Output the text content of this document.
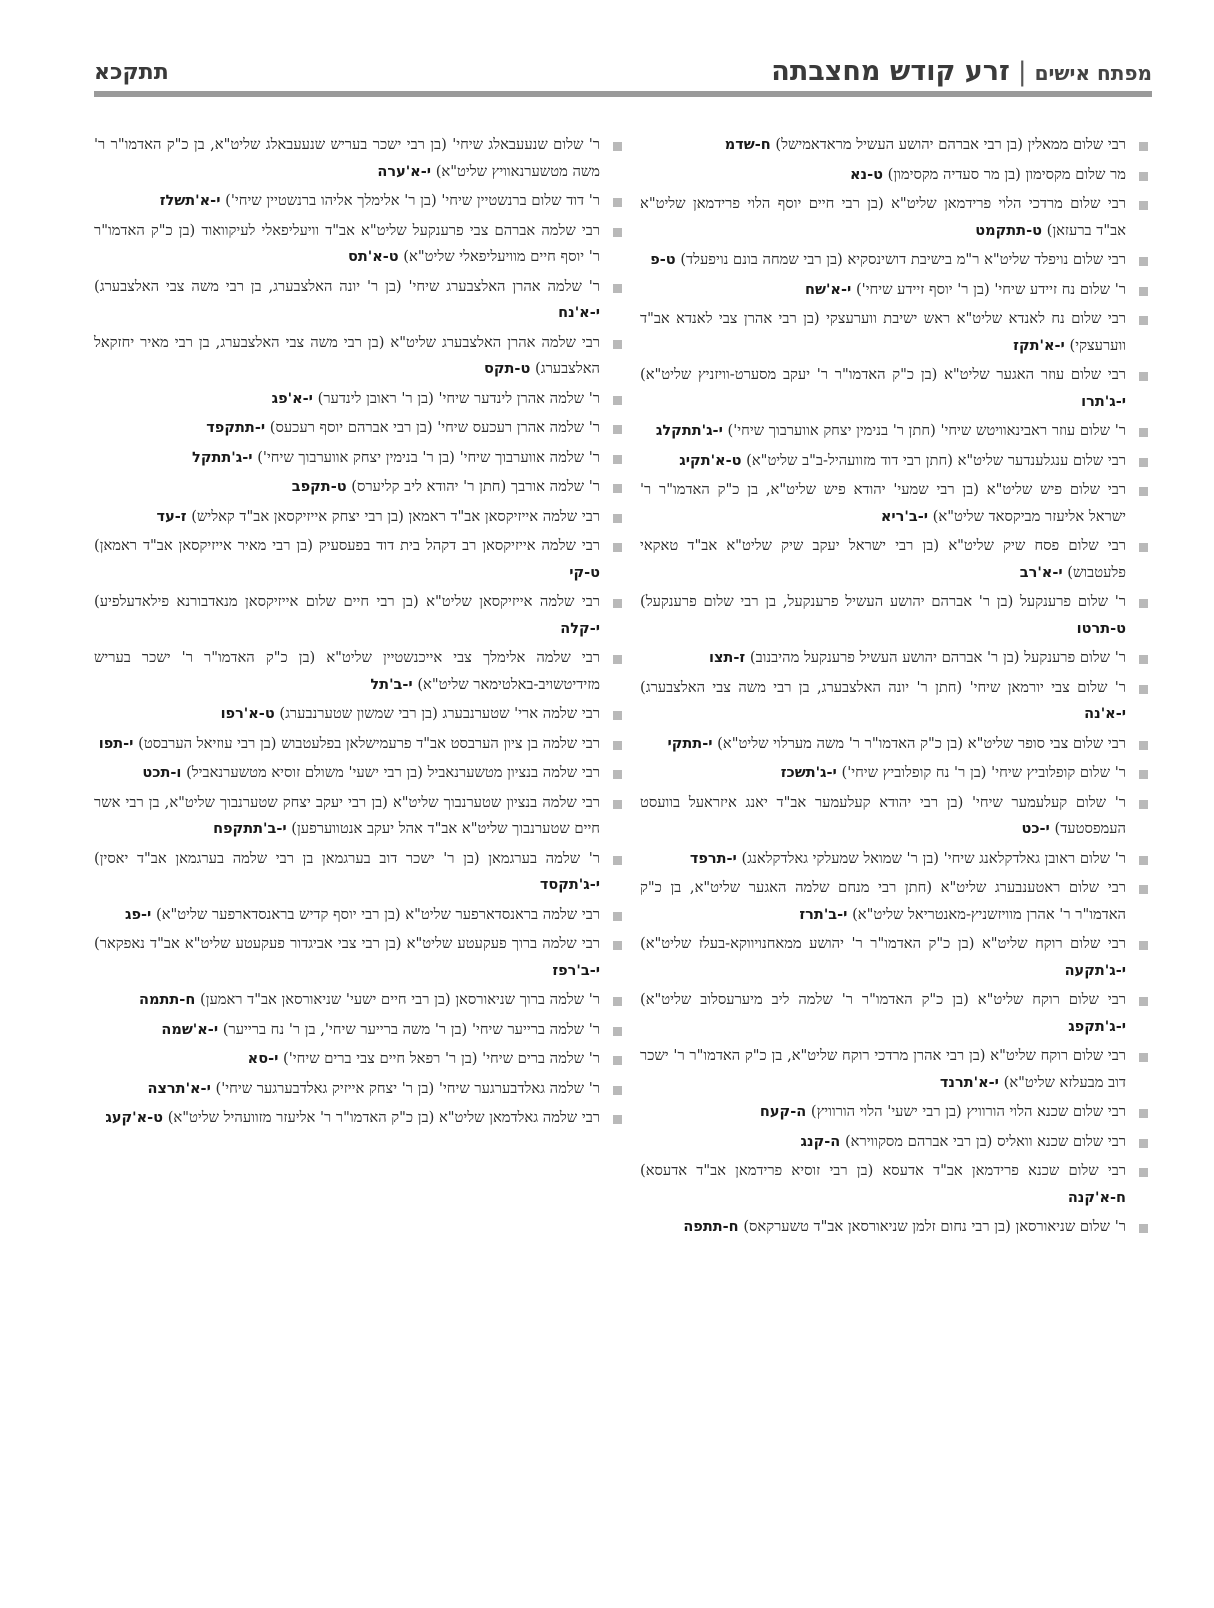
מפתח אישים
|
זרע קודש מחצבתה
תתקכא

רבי שלום ממאלין (בן רבי אברהם יהושע העשיל מראדאמישל) ח-שדמ

מר שלום מקסימון (בן מר סעדיה מקסימון) ט-נא

רבי שלום מרדכי הלוי פרידמאן שליט"א (בן רבי חיים יוסף הלוי פרידמאן שליט"א אב"ד ברעזאן) ט-תתקמט

רבי שלום נויפלד שליט"א ר"מ בישיבת דושינסקיא (בן רבי שמחה בונם נויפעלד) ט-פ

ר' שלום נח זיידע שיחי' (בן ר' יוסף זיידע שיחי') י-א'שח

רבי שלום נח לאנדא שליט"א ראש ישיבת ווערעצקי (בן רבי אהרן צבי לאנדא אב"ד ווערעצקי) י-א'תקז

רבי שלום עוזר האגער שליט"א (בן כ"ק האדמו"ר ר' יעקב מסערט-וויזניץ שליט"א) י-ג'תרו

ר' שלום עוזר ראבינאוויטש שיחי' (חתן ר' בנימין יצחק אווערבוך שיחי') י-ג'תתקלג

רבי שלום ענגלענדער שליט"א (חתן רבי דוד מזוועהיל-ב"ב שליט"א) ט-א'תקיג

רבי שלום פיש שליט"א (בן רבי שמעי' יהודא פיש שליט"א, בן כ"ק האדמו"ר ר' ישראל אליעזר מביקסאד שליט"א) י-ב'ריא

רבי שלום פסח שיק שליט"א (בן רבי ישראל יעקב שיק שליט"א אב"ד טאקאי פלעטבוש) י-א'רב

ר' שלום פרענקעל (בן ר' אברהם יהושע העשיל פרענקעל, בן רבי שלום פרענקעל) ט-תרטו

ר' שלום פרענקעל (בן ר' אברהם יהושע העשיל פרענקעל מהיבנוב) ז-תצו

ר' שלום צבי יורמאן שיחי' (חתן ר' יונה האלצבערג, בן רבי משה צבי האלצבערג) י-א'נה

רבי שלום צבי סופר שליט"א (בן כ"ק האדמו"ר ר' משה מערלוי שליט"א) י-תתקי

ר' שלום קופלוביץ שיחי' (בן ר' נח קופלוביץ שיחי') י-ג'תשכז

ר' שלום קעלעמער שיחי' (בן רבי יהודא קעלעמער אב"ד יאנג איזראעל בוועסט העמפסטעד) י-כט

ר' שלום ראובן גאלדקלאנג שיחי' (בן ר' שמואל שמעלקי גאלדקלאנג) י-תרפד

רבי שלום ראטענבערג שליט"א (חתן רבי מנחם שלמה האגער שליט"א, בן כ"ק האדמו"ר ר' אהרן מוויזשניץ-מאנטריאל שליט"א) י-ב'תרז

רבי שלום רוקח שליט"א (בן כ"ק האדמו"ר ר' יהושע ממאחנויווקא-בעלז שליט"א) י-ג'תקעה

רבי שלום רוקח שליט"א (בן כ"ק האדמו"ר ר' שלמה ליב מיערעסלוב שליט"א) י-ג'תקפג

רבי שלום רוקח שליט"א (בן רבי אהרן מרדכי רוקח שליט"א, בן כ"ק האדמו"ר ר' ישכר דוב מבעלזא שליט"א) י-א'תרנד

רבי שלום שכנא הלוי הורוויץ (בן רבי ישעי' הלוי הורוויץ) ה-קעח

רבי שלום שכנא וואליס (בן רבי אברהם מסקווירא) ה-קנג

רבי שלום שכנא פרידמאן אב"ד אדעסא (בן רבי זוסיא פרידמאן אב"ד אדעסא) ח-א'קנה

ר' שלום שניאורסאן (בן רבי נחום זלמן שניאורסאן אב"ד טשערקאס) ח-תתפה

ר' שלום שנעעבאלג שיחי' (בן רבי ישכר בעריש שנעעבאלג שליט"א, בן כ"ק האדמו"ר ר' משה מטשערנאוויץ שליט"א) י-א'ערה

ר' דוד שלום ברנשטיין שיחי' (בן ר' אלימלך אליהו ברנשטיין שיחי') י-א'תשלז

רבי שלמה אברהם צבי פרענקעל שליט"א אב"ד וויעליפאלי לעיקוואוד (בן כ"ק האדמו"ר ר' יוסף חיים מוויעליפאלי שליט"א) ט-א'תס

ר' שלמה אהרן האלצבערג שיחי' (בן ר' יונה האלצבערג, בן רבי משה צבי האלצבערג) י-א'נח

רבי שלמה אהרן האלצבערג שליט"א (בן רבי משה צבי האלצבערג, בן רבי מאיר יחזקאל האלצבערג) ט-תקס

ר' שלמה אהרן לינדער שיחי' (בן ר' ראובן לינדער) י-א'פג

ר' שלמה אהרן רעכעס שיחי' (בן רבי אברהם יוסף רעכעס) י-תתקפד

ר' שלמה אווערבוך שיחי' (בן ר' בנימין יצחק אווערבוך שיחי') י-ג'תתקל

ר' שלמה אורבך (חתן ר' יהודא ליב קליערס) ט-תקפב

רבי שלמה אייזיקסאן אב"ד ראמאן (בן רבי יצחק אייזיקסאן אב"ד קאליש) ז-עד

רבי שלמה אייזיקסאן רב דקהל בית דוד בפעסעיק (בן רבי מאיר אייזיקסאן אב"ד ראמאן) ט-קי

רבי שלמה אייזיקסאן שליט"א (בן רבי חיים שלום אייזיקסאן מנאדבורנא פילאדעלפיע) י-קלה

רבי שלמה אלימלך צבי אייכנשטיין שליט"א (בן כ"ק האדמו"ר ר' ישכר בעריש מזידיטשויב-באלטימאר שליט"א) י-ב'תל

רבי שלמה ארי' שטערנבערג (בן רבי שמשון שטערנבערג) ט-א'רפו

רבי שלמה בן ציון הערבסט אב"ד פרעמישלאן בפלעטבוש (בן רבי עוזיאל הערבסט) י-תפו

רבי שלמה בנציון מטשערנאביל (בן רבי ישעי' משולם זוסיא מטשערנאביל) ו-תכט

רבי שלמה בנציון שטערנבוך שליט"א (בן רבי יעקב יצחק שטערנבוך שליט"א, בן רבי אשר חיים שטערנבוך שליט"א אב"ד אהל יעקב אנטווערפען) י-ב'תתקפח

ר' שלמה בערגמאן (בן ר' ישכר דוב בערגמאן בן רבי שלמה בערגמאן אב"ד יאסין) י-ג'תקסד

רבי שלמה בראנסדארפער שליט"א (בן רבי יוסף קדיש בראנסדארפער שליט"א) י-פג

רבי שלמה ברוך פעקעטע שליט"א (בן רבי צבי אביגדור פעקעטע שליט"א אב"ד נאפקאר) י-ב'רפז

ר' שלמה ברוך שניאורסאן (בן רבי חיים ישעי' שניאורסאן אב"ד ראמען) ח-תתמה

ר' שלמה ברייער שיחי' (בן ר' משה ברייער שיחי', בן ר' נח ברייער) י-א'שמה

ר' שלמה ברים שיחי' (בן ר' רפאל חיים צבי ברים שיחי') י-סא

ר' שלמה גאלדבערגער שיחי' (בן ר' יצחק אייזיק גאלדבערגער שיחי') י-א'תרצה

רבי שלמה גאלדמאן שליט"א (בן כ"ק האדמו"ר ר' אליעזר מזוועהיל שליט"א) ט-א'קעג
